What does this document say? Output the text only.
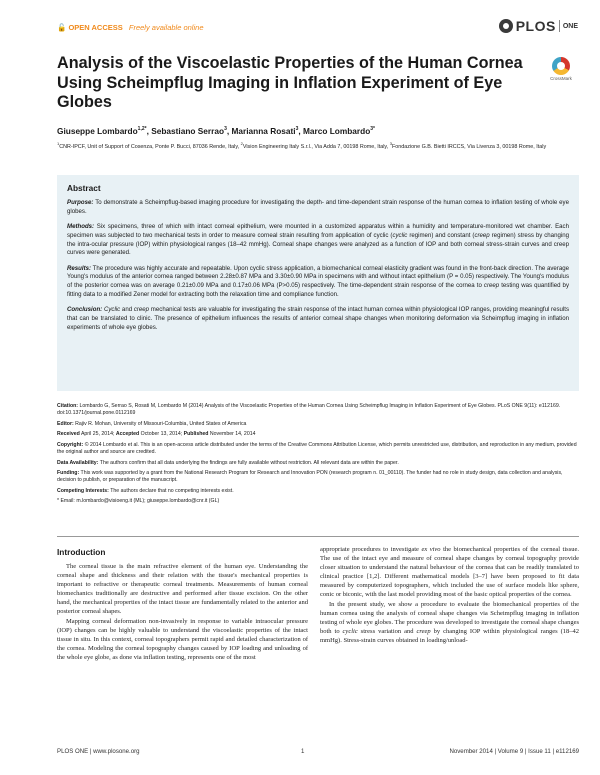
🔓 OPEN ACCESS Freely available online	PLOS ONE
CrossMark
Analysis of the Viscoelastic Properties of the Human Cornea Using Scheimpflug Imaging in Inflation Experiment of Eye Globes
Giuseppe Lombardo$^{1,2*}$, Sebastiano Serrao$^3$, Marianna Rosati$^3$, Marco Lombardo$^{3*}$
$^1$CNR-IPCF, Unit of Support of Cosenza, Ponte P. Bucci, 87036 Rende, Italy, $^2$Vision Engineering Italy S.r.l., Via Adda 7, 00198 Rome, Italy, $^3$Fondazione G.B. Bietti IRCCS, Via Livenza 3, 00198 Rome, Italy
Abstract

Purpose: To demonstrate a Scheimpflug-based imaging procedure for investigating the depth- and time-dependent strain response of the human cornea to inflation testing of whole eye globes.

Methods: Six specimens, three of which with intact corneal epithelium, were mounted in a customized apparatus within a humidity and temperature-monitored wet chamber. Each specimen was subjected to two mechanical tests in order to measure corneal strain resulting from application of cyclic (cyclic regimen) and constant (creep regimen) stress by changing the intra-ocular pressure (IOP) within physiological ranges (18–42 mmHg). Corneal shape changes were analyzed as a function of IOP and both corneal stress-strain curves and creep curves were generated.

Results: The procedure was highly accurate and repeatable. Upon cyclic stress application, a biomechanical corneal elasticity gradient was found in the front-back direction. The average Young's modulus of the anterior cornea ranged between 2.28±0.87 MPa and 3.30±0.90 MPa in specimens with and without intact epithelium (P = 0.05) respectively. The Young's modulus of the posterior cornea was on average 0.21±0.09 MPa and 0.17±0.06 MPa (P>0.05) respectively. The time-dependent strain response of the cornea to creep testing was quantified by fitting data to a modified Zener model for extracting both the relaxation time and compliance function.

Conclusion: Cyclic and creep mechanical tests are valuable for investigating the strain response of the intact human cornea within physiological IOP ranges, providing meaningful results that can be translated to clinic. The presence of epithelium influences the results of anterior corneal shape changes when monitoring deformation via Scheimpflug imaging in inflation experiments of whole eye globes.

Citation: Lombardo G, Serrao S, Rosati M, Lombardo M (2014) Analysis of the Viscoelastic Properties of the Human Cornea Using Scheimpflug Imaging in Inflation Experiment of Eye Globes. PLoS ONE 9(11): e112169. doi:10.1371/journal.pone.0112169

Editor: Rajiv R. Mohan, University of Missouri-Columbia, United States of America

Received April 25, 2014; Accepted October 13, 2014; Published November 14, 2014

Copyright: © 2014 Lombardo et al. This is an open-access article distributed under the terms of the Creative Commons Attribution License, which permits unrestricted use, distribution, and reproduction in any medium, provided the original author and source are credited.

Data Availability: The authors confirm that all data underlying the findings are fully available without restriction. All relevant data are within the paper.

Funding: This work was supported by a grant from the National Research Program for Research and Innovation PON (research program n. 01_00110). The funder had no role in study design, data collection and analysis, decision to publish, or preparation of the manuscript.

Competing Interests: The authors declare that no competing interests exist.

* Email: m.lombardo@visioeng.it (ML); giuseppe.lombardo@cnr.it (GL)

Introduction

The corneal tissue is the main refractive element of the human eye. Understanding the corneal shape and thickness and their relation with the tissue's mechanical properties is important to refractive or therapeutic corneal treatments. Measurements of human corneal biomechanics traditionally are destructive and performed after tissue excision. On the other hand, the mechanical properties of the intact tissue are fundamentally related to the anterior and posterior corneal shapes.

Mapping corneal deformation non-invasively in response to variable intraocular pressure (IOP) changes can be highly valuable to understand the viscoelastic properties of the intact tissue in situ. In this context, corneal topographers permit rapid and detailed characterization of the cornea. Modeling the corneal topography changes caused by IOP loading and unloading of the whole eye globe, as done via inflation testing, represents one of the most

appropriate procedures to investigate ex vivo the biomechanical properties of the corneal tissue. The use of the intact eye and measure of corneal shape changes by corneal topography provide closer situation to understand the natural behaviour of the cornea that can be readily translated to clinical practice [1,2]. Different mathematical models [3–7] have been proposed to fit data measured by computerized topographers, which included the use of surface models like sphere, conic or biconic, with the last model providing most of the basic optical properties of the cornea.

In the present study, we show a procedure to evaluate the biomechanical properties of the human cornea using the analysis of corneal shape changes via Scheimpflug imaging in inflation testing of whole eye globes. The procedure was developed to investigate the corneal shape changes both to cyclic stress variation and creep by changing IOP within physiological ranges (18–42 mmHg). Stress-strain curves obtained in loading/unload-

PLOS ONE | www.plosone.org	1	November 2014 | Volume 9 | Issue 11 | e112169
